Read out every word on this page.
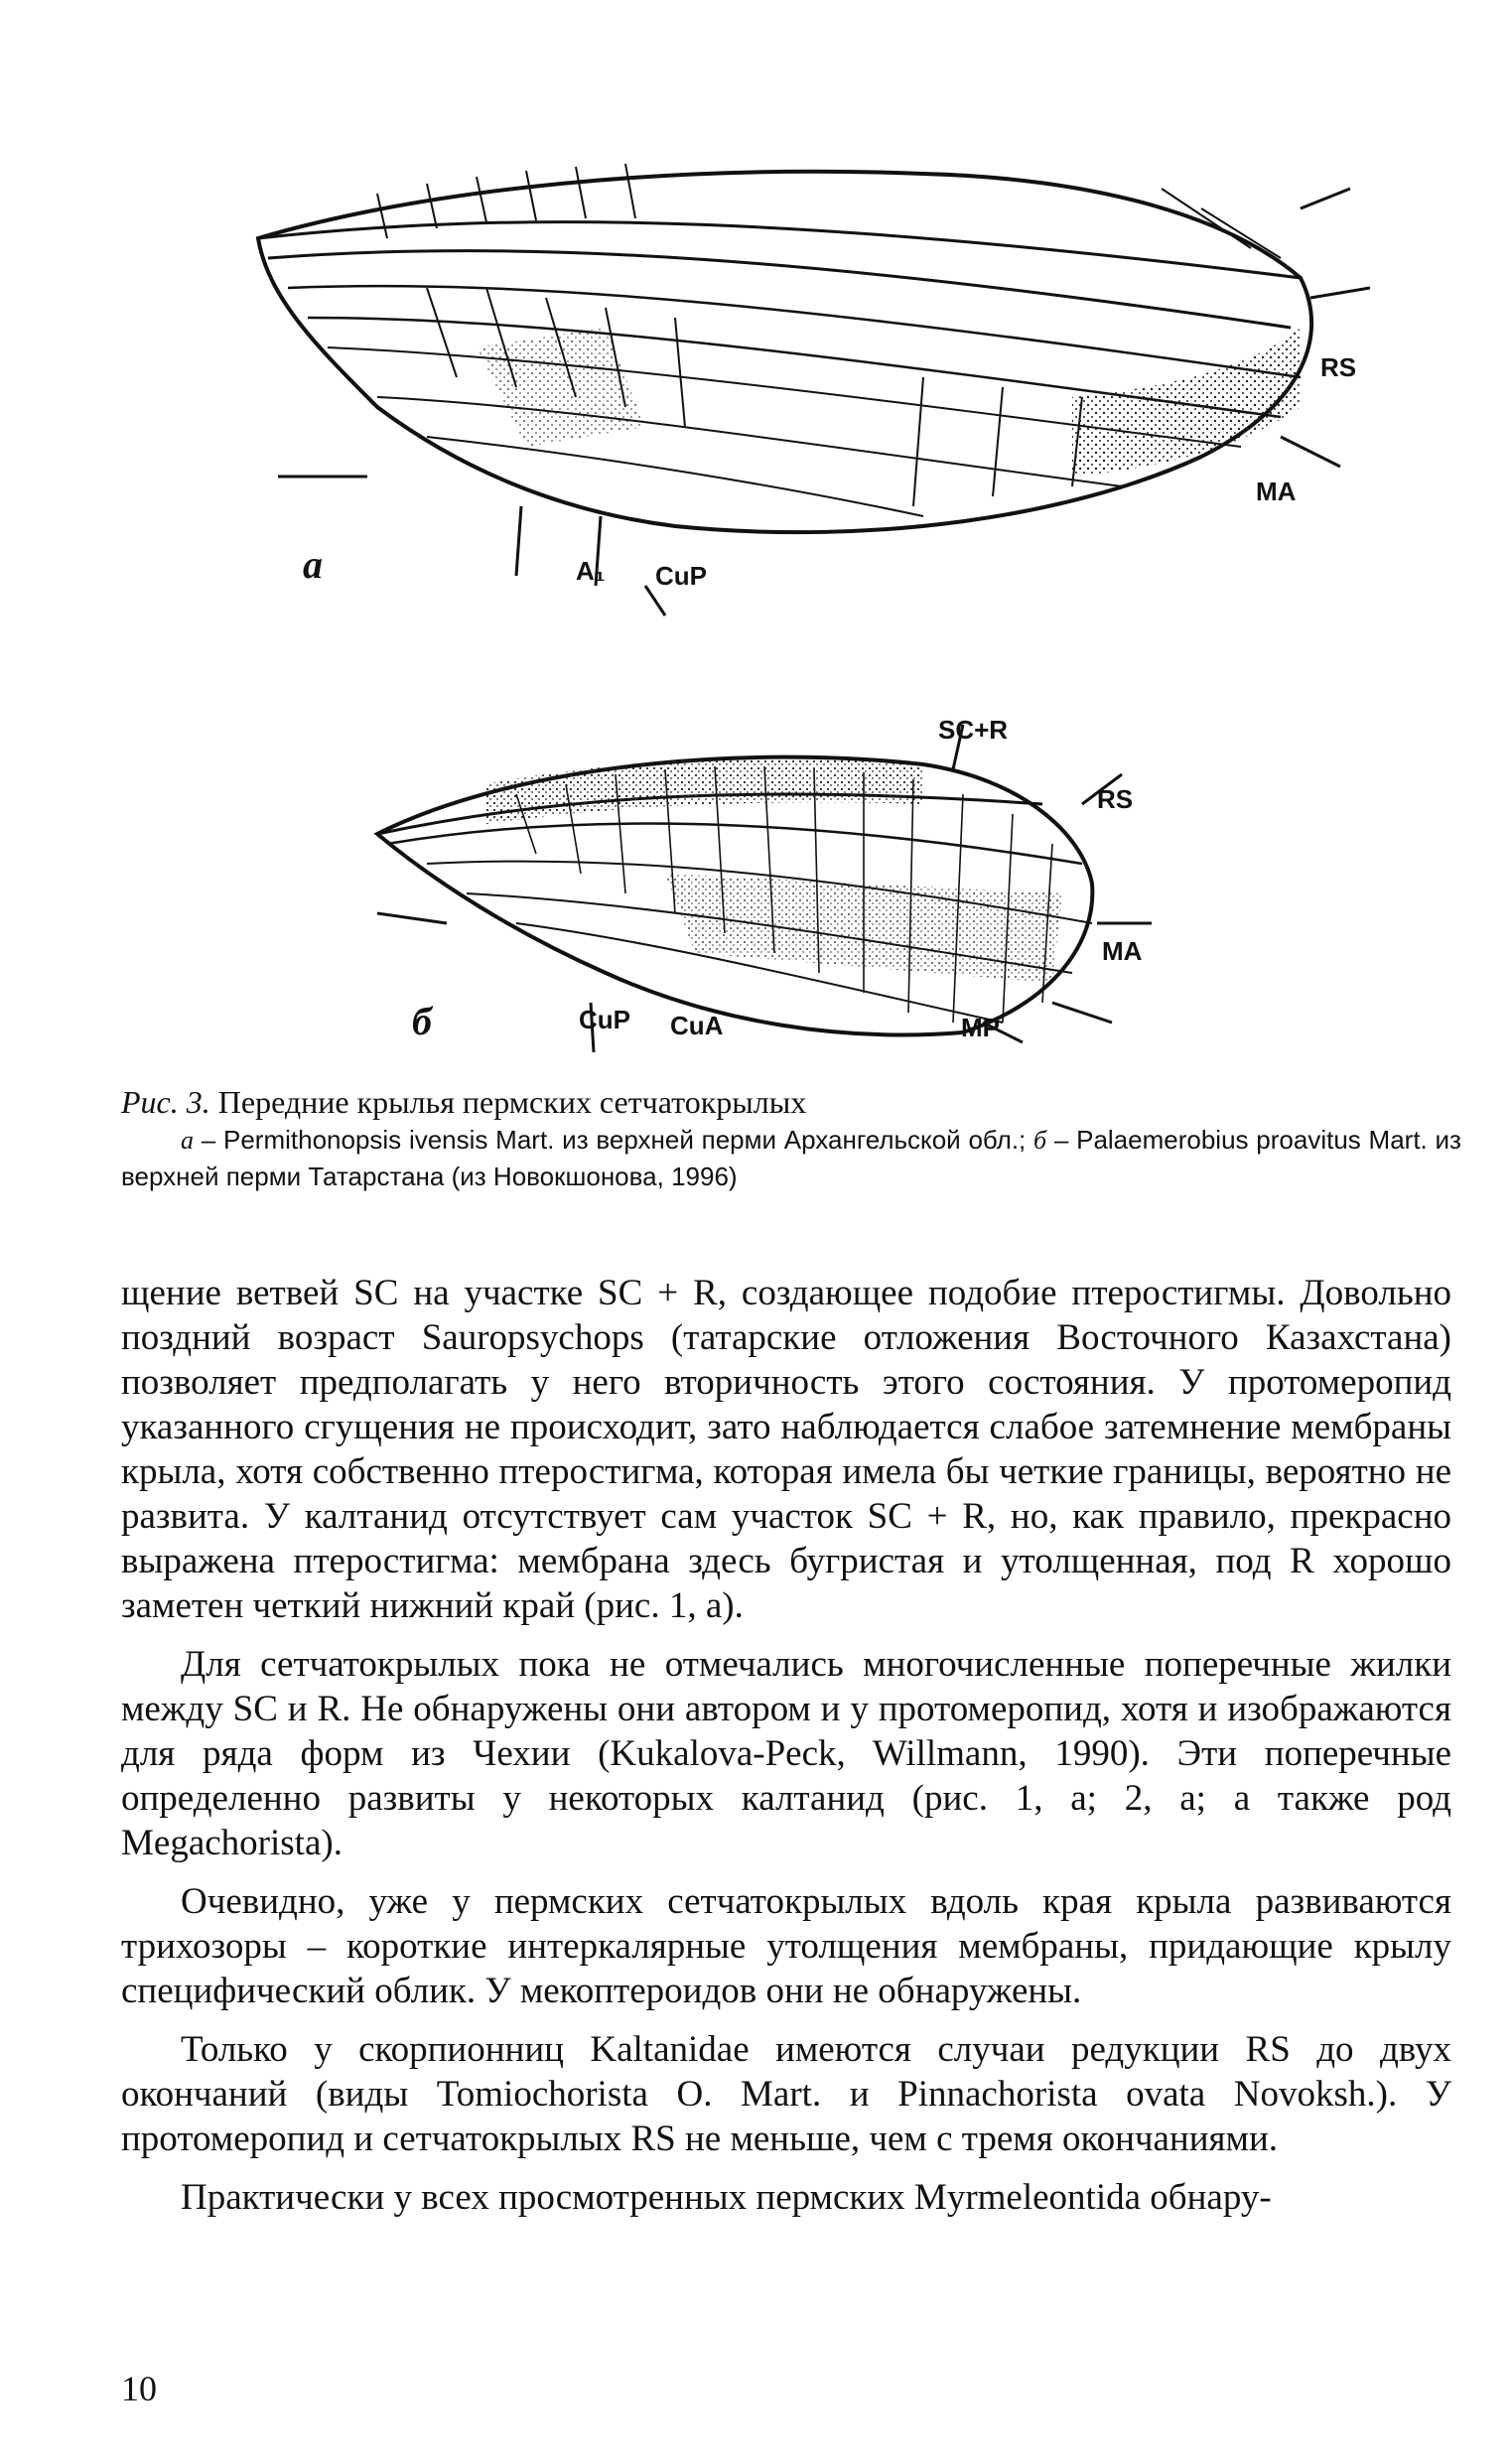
а
RS
MA
A₁ CuP
б
SC+R
RS
MA
CuP CuA	MP
Рис. 3. Передние крылья пермских сетчатокрылых
а – Permithonopsis ivensis Mart. из верхней перми Архангельской обл.; б – Palaemerobius proavitus Mart. из верхней перми Татарстана (из Новокшонова, 1996)

щение ветвей SC на участке SC + R, создающее подобие птеростигмы. Довольно поздний возраст Sauropsychops (татарские отложения Восточного Казахстана) позволяет предполагать у него вторичность этого состояния. У протомеропид указанного сгущения не происходит, зато наблюдается слабое затемнение мембраны крыла, хотя собственно птеростигма, которая имела бы четкие границы, вероятно не развита. У калтанид отсутствует сам участок SC + R, но, как правило, прекрасно выражена птеростигма: мембрана здесь бугристая и утолщенная, под R хорошо заметен четкий нижний край (рис. 1, а).

Для сетчатокрылых пока не отмечались многочисленные поперечные жилки между SC и R. Не обнаружены они автором и у протомеропид, хотя и изображаются для ряда форм из Чехии (Kukalova-Peck, Willmann, 1990). Эти поперечные определенно развиты у некоторых калтанид (рис. 1, а; 2, а; а также род Megachorista).

Очевидно, уже у пермских сетчатокрылых вдоль края крыла развиваются трихозоры – короткие интеркалярные утолщения мембраны, придающие крылу специфический облик. У мекоптероидов они не обнаружены.

Только у скорпионниц Kaltanidae имеются случаи редукции RS до двух окончаний (виды Tomiochorista O. Mart. и Pinnachorista ovata Novoksh.). У протомеропид и сетчатокрылых RS не меньше, чем с тремя окончаниями.

Практически у всех просмотренных пермских Myrmeleontida обнару-

10
